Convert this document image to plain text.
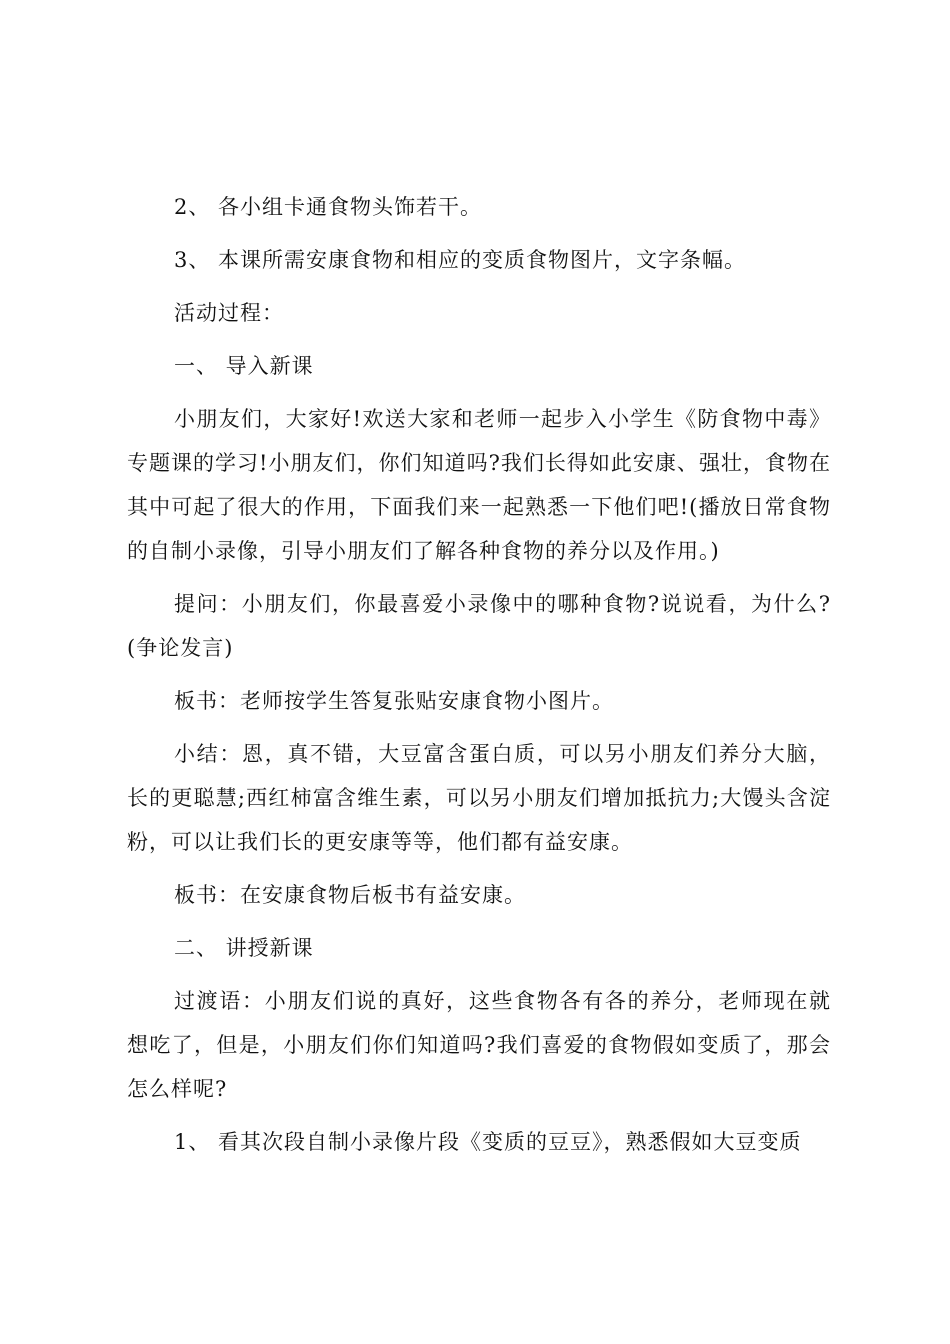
2、 各小组卡通食物头饰若干。

3、 本课所需安康食物和相应的变质食物图片，文字条幅。

活动过程：

一、 导入新课

小朋友们，大家好!欢送大家和老师一起步入小学生《防食物中毒》专题课的学习!小朋友们，你们知道吗?我们长得如此安康、强壮，食物在其中可起了很大的作用，下面我们来一起熟悉一下他们吧!(播放日常食物的自制小录像，引导小朋友们了解各种食物的养分以及作用。)

提问：小朋友们，你最喜爱小录像中的哪种食物?说说看，为什么?(争论发言)

板书：老师按学生答复张贴安康食物小图片。

小结：恩，真不错，大豆富含蛋白质，可以另小朋友们养分大脑，长的更聪慧;西红柿富含维生素，可以另小朋友们增加抵抗力;大馒头含淀粉，可以让我们长的更安康等等，他们都有益安康。

板书：在安康食物后板书有益安康。

二、 讲授新课

过渡语：小朋友们说的真好，这些食物各有各的养分，老师现在就想吃了，但是，小朋友们你们知道吗?我们喜爱的食物假如变质了，那会怎么样呢?

1、 看其次段自制小录像片段《变质的豆豆》，熟悉假如大豆变质
